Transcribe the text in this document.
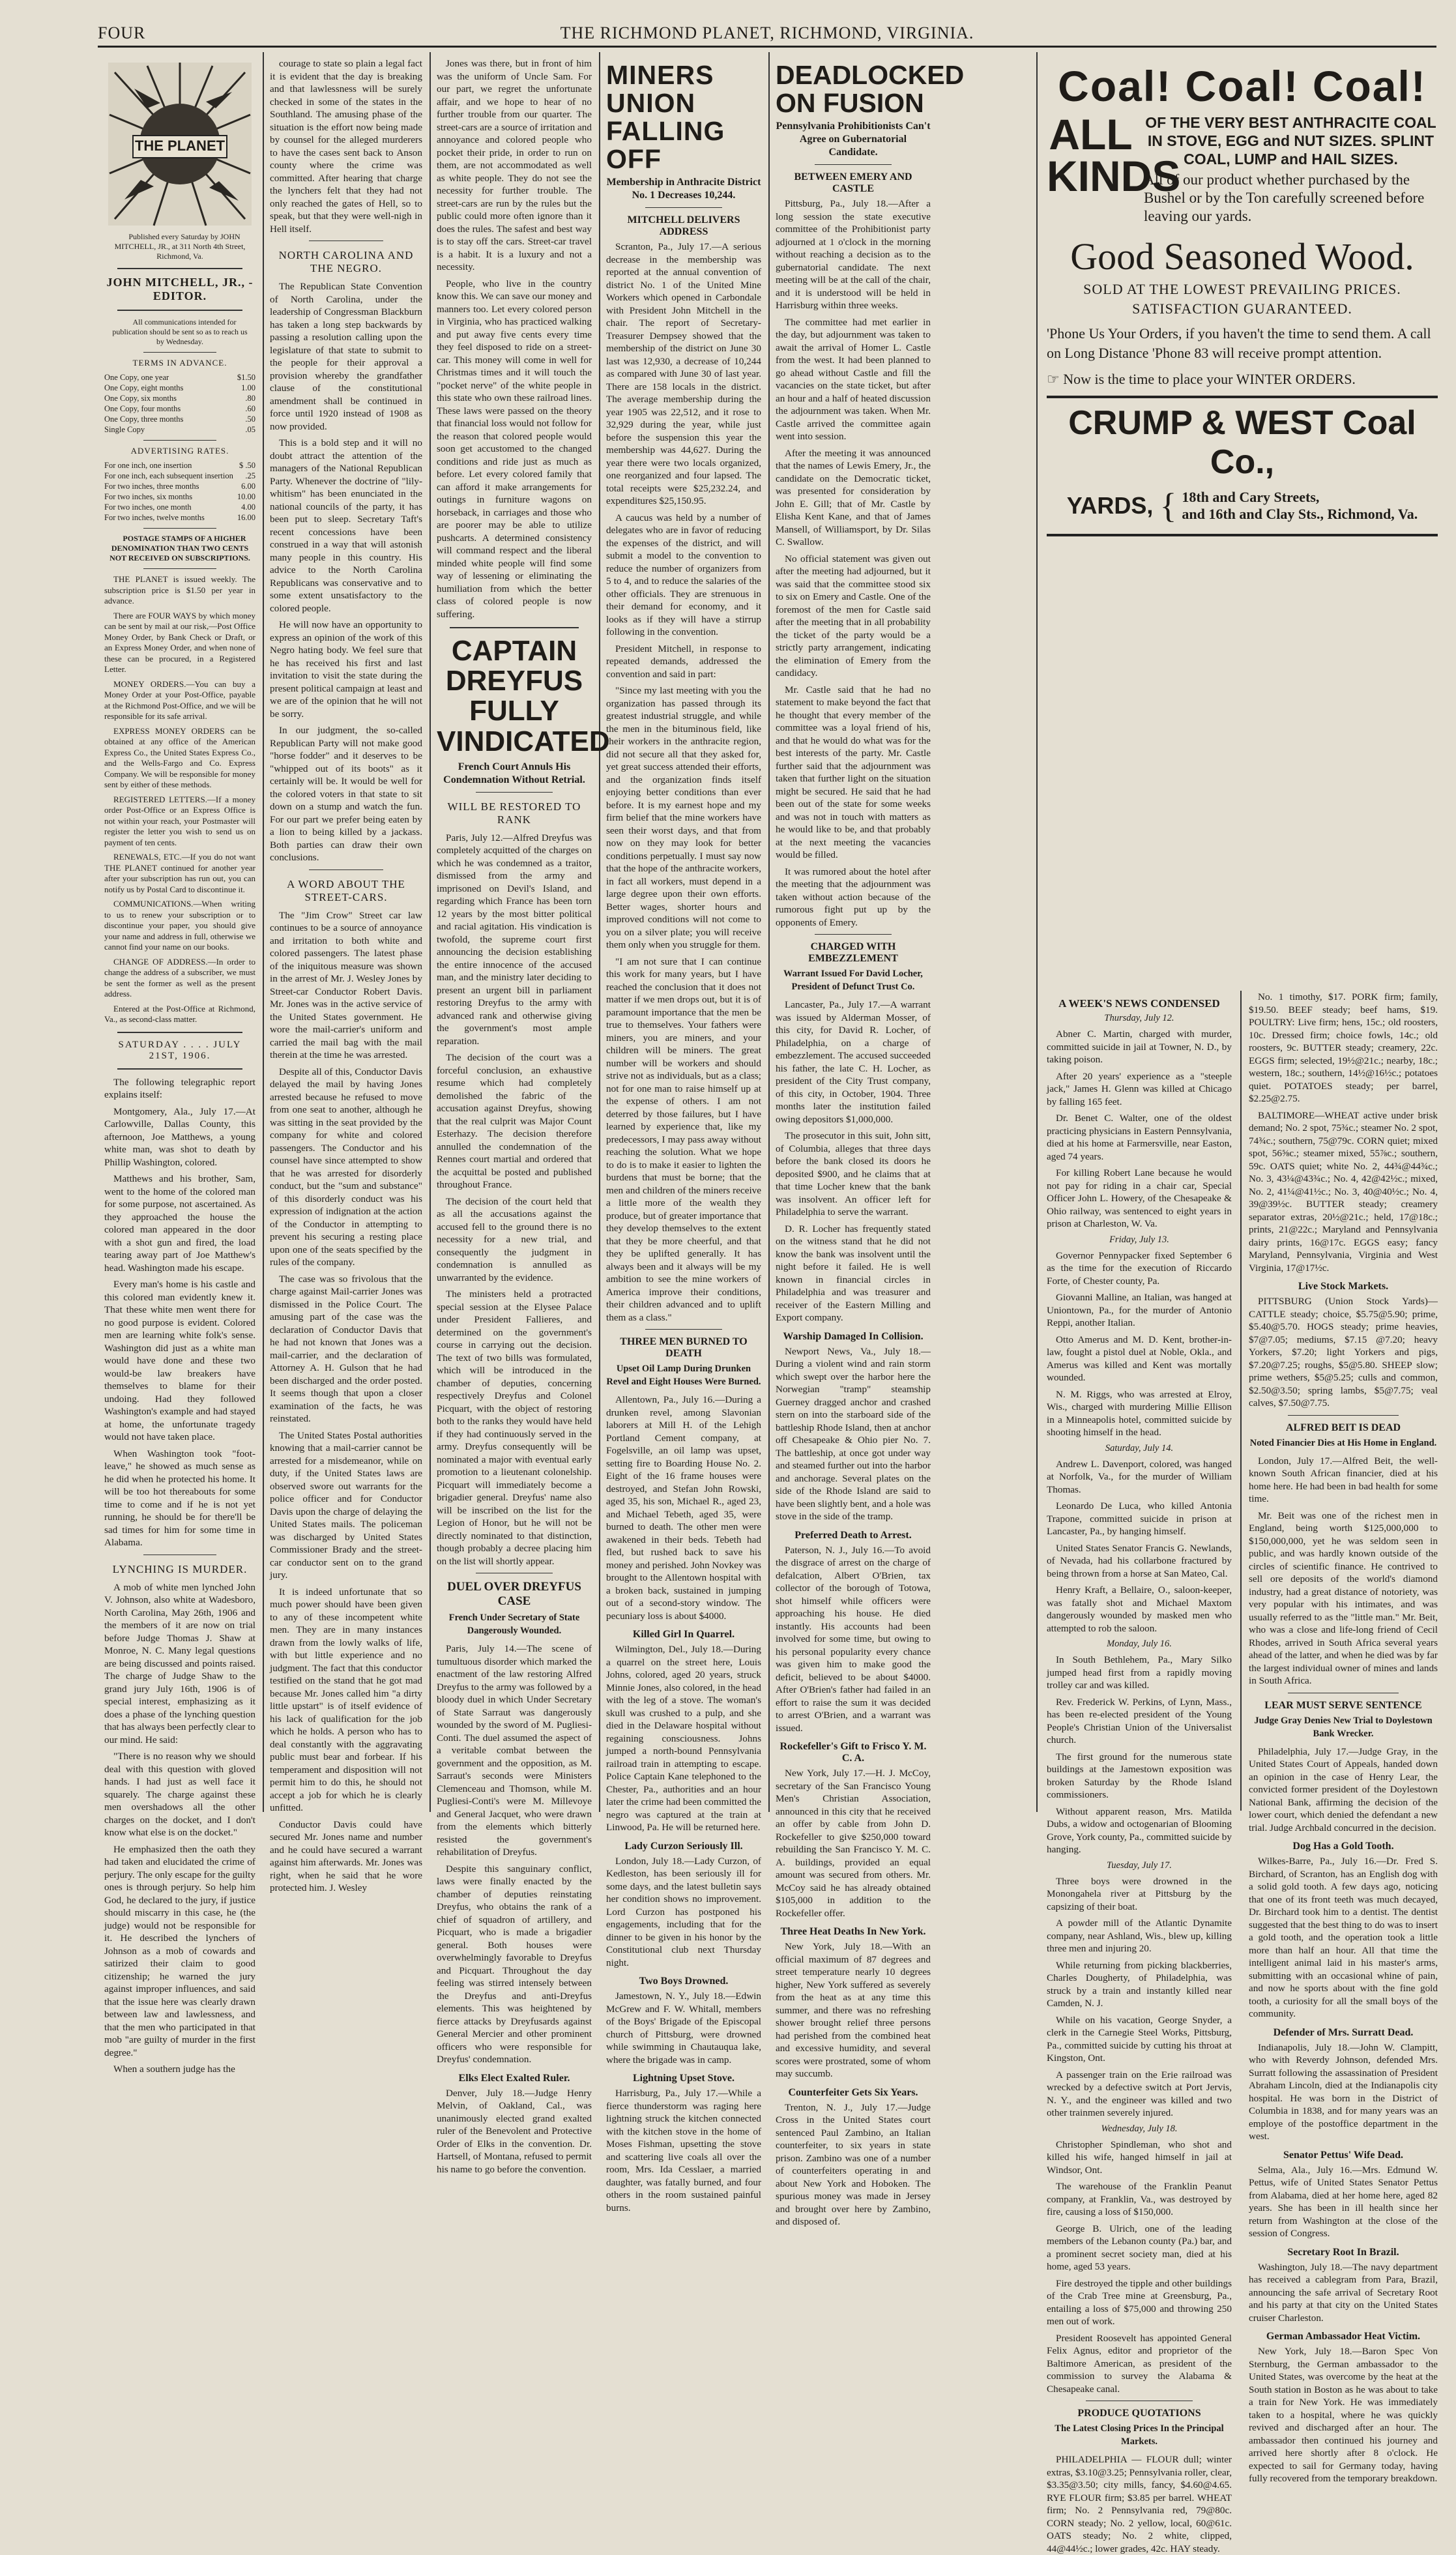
FOUR	THE RICHMOND PLANET, RICHMOND, VIRGINIA.
THE PLANET

Published every Saturday by JOHN MITCHELL, JR., at 311 North 4th Street, Richmond, Va.

JOHN MITCHELL, JR., - EDITOR.

All communications intended for publication should be sent so as to reach us by Wednesday.

TERMS IN ADVANCE.
One Copy, one year	$1.50
One Copy, eight months	1.00
One Copy, six months	.80
One Copy, four months	.60
One Copy, three months	.50
Single Copy	.05
ADVERTISING RATES.
For one inch, one insertion	$ .50
For one inch, each subsequent insertion .25
For two inches, three months	6.00
For two inches, six months	10.00
For two inches, one month	4.00
For two inches, twelve months	16.00

POSTAGE STAMPS OF A HIGHER DENOMINATION THAN TWO CENTS NOT RECEIVED ON SUBSCRIPTIONS.

THE PLANET is issued weekly. The subscription price is $1.50 per year in advance.

There are FOUR WAYS by which money can be sent by mail at our risk,—Post Office Money Order, by Bank Check or Draft, or an Express Money Order, and when none of these can be procured, in a Registered Letter.

MONEY ORDERS.—You can buy a Money Order at your Post-Office, payable at the Richmond Post-Office, and we will be responsible for its safe arrival.

EXPRESS MONEY ORDERS can be obtained at any office of the American Express Co., the United States Express Co., and the Wells-Fargo and Co. Express Company. We will be responsible for money sent by either of these methods.

REGISTERED LETTERS.—If a money order Post-Office or an Express Office is not within your reach, your Postmaster will register the letter you wish to send us on payment of ten cents.

RENEWALS, ETC.—If you do not want THE PLANET continued for another year after your subscription has run out, you can notify us by Postal Card to discontinue it.

COMMUNICATIONS.—When writing to us to renew your subscription or to discontinue your paper, you should give your name and address in full, otherwise we cannot find your name on our books.

CHANGE OF ADDRESS.—In order to change the address of a subscriber, we must be sent the former as well as the present address.

Entered at the Post-Office at Richmond, Va., as second-class matter.

SATURDAY . . . . JULY 21ST, 1906.

The following telegraphic report explains itself:

Montgomery, Ala., July 17.—At Carlowville, Dallas County, this afternoon, Joe Matthews, a young white man, was shot to death by Phillip Washington, colored.

Matthews and his brother, Sam, went to the home of the colored man for some purpose, not ascertained. As they approached the house the colored man appeared in the door with a shot gun and fired, the load tearing away part of Joe Matthew's head. Washington made his escape.

Every man's home is his castle and this colored man evidently knew it. That these white men went there for no good purpose is evident. Colored men are learning white folk's sense. Washington did just as a white man would have done and these two would-be law breakers have themselves to blame for their undoing. Had they followed Washington's example and had stayed at home, the unfortunate tragedy would not have taken place.

When Washington took "foot-leave," he showed as much sense as he did when he protected his home. It will be too hot thereabouts for some time to come and if he is not yet running, he should be for there'll be sad times for him for some time in Alabama.

LYNCHING IS MURDER.

A mob of white men lynched John V. Johnson, also white at Wadesboro, North Carolina, May 26th, 1906 and the members of it are now on trial before Judge Thomas J. Shaw at Monroe, N. C. Many legal questions are being discussed and points raised. The charge of Judge Shaw to the grand jury July 16th, 1906 is of special interest, emphasizing as it does a phase of the lynching question that has always been perfectly clear to our mind. He said:

"There is no reason why we should deal with this question with gloved hands. I had just as well face it squarely. The charge against these men overshadows all the other charges on the docket, and I don't know what else is on the docket."

He emphasized then the oath they had taken and elucidated the crime of perjury. The only escape for the guilty ones is through perjury. So help him God, he declared to the jury, if justice should miscarry in this case, he (the judge) would not be responsible for it. He described the lynchers of Johnson as a mob of cowards and satirized their claim to good citizenship; he warned the jury against improper influences, and said that the issue here was clearly drawn between law and lawlessness, and that the men who participated in that mob "are guilty of murder in the first degree."

When a southern judge has the

courage to state so plain a legal fact it is evident that the day is breaking and that lawlessness will be surely checked in some of the states in the Southland. The amusing phase of the situation is the effort now being made by counsel for the alleged murderers to have the cases sent back to Anson county where the crime was committed. After hearing that charge the lynchers felt that they had not only reached the gates of Hell, so to speak, but that they were well-nigh in Hell itself.

NORTH CAROLINA AND THE NEGRO.

The Republican State Convention of North Carolina, under the leadership of Congressman Blackburn has taken a long step backwards by passing a resolution calling upon the legislature of that state to submit to the people for their approval a provision whereby the grandfather clause of the constitutional amendment shall be continued in force until 1920 instead of 1908 as now provided.

This is a bold step and it will no doubt attract the attention of the managers of the National Republican Party. Whenever the doctrine of "lily-whitism" has been enunciated in the national councils of the party, it has been put to sleep. Secretary Taft's recent concessions have been construed in a way that will astonish many people in this country. His advice to the North Carolina Republicans was conservative and to some extent unsatisfactory to the colored people.

He will now have an opportunity to express an opinion of the work of this Negro hating body. We feel sure that he has received his first and last invitation to visit the state during the present political campaign at least and we are of the opinion that he will not be sorry.

In our judgment, the so-called Republican Party will not make good "horse fodder" and it deserves to be "whipped out of its boots" as it certainly will be. It would be well for the colored voters in that state to sit down on a stump and watch the fun. For our part we prefer being eaten by a lion to being killed by a jackass. Both parties can draw their own conclusions.

A WORD ABOUT THE STREET-CARS.

The "Jim Crow" Street car law continues to be a source of annoyance and irritation to both white and colored passengers. The latest phase of the iniquitous measure was shown in the arrest of Mr. J. Wesley Jones by Street-car Conductor Robert Davis. Mr. Jones was in the active service of the United States government. He wore the mail-carrier's uniform and carried the mail bag with the mail therein at the time he was arrested.

Despite all of this, Conductor Davis delayed the mail by having Jones arrested because he refused to move from one seat to another, although he was sitting in the seat provided by the company for white and colored passengers. The Conductor and his counsel have since attempted to show that he was arrested for disorderly conduct, but the "sum and substance" of this disorderly conduct was his expression of indignation at the action of the Conductor in attempting to prevent his securing a resting place upon one of the seats specified by the rules of the company.

The case was so frivolous that the charge against Mail-carrier Jones was dismissed in the Police Court. The amusing part of the case was the declaration of Conductor Davis that he had not known that Jones was a mail-carrier, and the declaration of Attorney A. H. Gulson that he had been discharged and the order posted. It seems though that upon a closer examination of the facts, he was reinstated.

The United States Postal authorities knowing that a mail-carrier cannot be arrested for a misdemeanor, while on duty, if the United States laws are observed swore out warrants for the police officer and for Conductor Davis upon the charge of delaying the United States mails. The policeman was discharged by United States Commissioner Brady and the street-car conductor sent on to the grand jury.

It is indeed unfortunate that so much power should have been given to any of these incompetent white men. They are in many instances drawn from the lowly walks of life, with but little experience and no judgment. The fact that this conductor testified on the stand that he got mad because Mr. Jones called him "a dirty little upstart" is of itself evidence of his lack of qualification for the job which he holds. A person who has to deal constantly with the aggravating public must bear and forbear. If his temperament and disposition will not permit him to do this, he should not accept a job for which he is clearly unfitted.

Conductor Davis could have secured Mr. Jones name and number and he could have secured a warrant against him afterwards. Mr. Jones was right, when he said that he wore protected him. J. Wesley

Jones was there, but in front of him was the uniform of Uncle Sam. For our part, we regret the unfortunate affair, and we hope to hear of no further trouble from our quarter. The street-cars are a source of irritation and annoyance and colored people who pocket their pride, in order to run on them, are not accommodated as well as white people. They do not see the necessity for further trouble. The street-cars are run by the rules but the public could more often ignore than it does the rules. The safest and best way is to stay off the cars. Street-car travel is a habit. It is a luxury and not a necessity.

People, who live in the country know this. We can save our money and manners too. Let every colored person in Virginia, who has practiced walking and put away five cents every time they feel disposed to ride on a street-car. This money will come in well for Christmas times and it will touch the "pocket nerve" of the white people in this state who own these railroad lines. These laws were passed on the theory that financial loss would not follow for the reason that colored people would soon get accustomed to the changed conditions and ride just as much as before. Let every colored family that can afford it make arrangements for outings in furniture wagons on horseback, in carriages and those who are poorer may be able to utilize pushcarts. A determined consistency will command respect and the liberal minded white people will find some way of lessening or eliminating the humiliation from which the better class of colored people is now suffering.

CAPTAIN DREYFUS FULLY VINDICATED
French Court Annuls His Condemnation Without Retrial.
WILL BE RESTORED TO RANK

Paris, July 12.—Alfred Dreyfus was completely acquitted of the charges on which he was condemned as a traitor, dismissed from the army and imprisoned on Devil's Island, and regarding which France has been torn 12 years by the most bitter political and racial agitation. His vindication is twofold, the supreme court first announcing the decision establishing the entire innocence of the accused man, and the ministry later deciding to present an urgent bill in parliament restoring Dreyfus to the army with advanced rank and otherwise giving the government's most ample reparation.

The decision of the court was a forceful conclusion, an exhaustive resume which had completely demolished the fabric of the accusation against Dreyfus, showing that the real culprit was Major Count Esterhazy. The decision therefore annulled the condemnation of the Rennes court martial and ordered that the acquittal be posted and published throughout France.

The decision of the court held that as all the accusations against the accused fell to the ground there is no necessity for a new trial, and consequently the judgment in condemnation is annulled as unwarranted by the evidence.

The ministers held a protracted special session at the Elysee Palace under President Fallieres, and determined on the government's course in carrying out the decision. The text of two bills was formulated, which will be introduced in the chamber of deputies, concerning respectively Dreyfus and Colonel Picquart, with the object of restoring both to the ranks they would have held if they had continuously served in the army. Dreyfus consequently will be nominated a major with eventual early promotion to a lieutenant colonelship. Picquart will immediately become a brigadier general. Dreyfus' name also will be inscribed on the list for the Legion of Honor, but he will not be directly nominated to that distinction, though probably a decree placing him on the list will shortly appear.

DUEL OVER DREYFUS CASE
French Under Secretary of State Dangerously Wounded.

Paris, July 14.—The scene of tumultuous disorder which marked the enactment of the law restoring Alfred Dreyfus to the army was followed by a bloody duel in which Under Secretary of State Sarraut was dangerously wounded by the sword of M. Pugliesi-Conti. The duel assumed the aspect of a veritable combat between the government and the opposition, as M. Sarraut's seconds were Ministers Clemenceau and Thomson, while M. Pugliesi-Conti's were M. Millevoye and General Jacquet, who were drawn from the elements which bitterly resisted the government's rehabilitation of Dreyfus.

Despite this sanguinary conflict, laws were finally enacted by the chamber of deputies reinstating Dreyfus, who obtains the rank of a chief of squadron of artillery, and Picquart, who is made a brigadier general. Both houses were overwhelmingly favorable to Dreyfus and Picquart. Throughout the day feeling was stirred intensely between the Dreyfus and anti-Dreyfus elements. This was heightened by fierce attacks by Dreyfusards against General Mercier and other prominent officers who were responsible for Dreyfus' condemnation.

Elks Elect Exalted Ruler.

Denver, July 18.—Judge Henry Melvin, of Oakland, Cal., was unanimously elected grand exalted ruler of the Benevolent and Protective Order of Elks in the convention. Dr. Hartsell, of Montana, refused to permit his name to go before the convention.

MINERS UNION FALLING OFF
Membership in Anthracite District No. 1 Decreases 10,244.
MITCHELL DELIVERS ADDRESS

Scranton, Pa., July 17.—A serious decrease in the membership was reported at the annual convention of district No. 1 of the United Mine Workers which opened in Carbondale with President John Mitchell in the chair. The report of Secretary-Treasurer Dempsey showed that the membership of the district on June 30 last was 12,930, a decrease of 10,244 as compared with June 30 of last year. There are 158 locals in the district. The average membership during the year 1905 was 22,512, and it rose to 32,929 during the year, while just before the suspension this year the membership was 44,627. During the year there were two locals organized, one reorganized and four lapsed. The total receipts were $25,232.24, and expenditures $25,150.95.

A caucus was held by a number of delegates who are in favor of reducing the expenses of the district, and will submit a model to the convention to reduce the number of organizers from 5 to 4, and to reduce the salaries of the other officials. They are strenuous in their demand for economy, and it looks as if they will have a stirrup following in the convention.

President Mitchell, in response to repeated demands, addressed the convention and said in part:

"Since my last meeting with you the organization has passed through its greatest industrial struggle, and while the men in the bituminous field, like their workers in the anthracite region, did not secure all that they asked for, yet great success attended their efforts, and the organization finds itself enjoying better conditions than ever before. It is my earnest hope and my firm belief that the mine workers have seen their worst days, and that from now on they may look for better conditions perpetually. I must say now that the hope of the anthracite workers, in fact all workers, must depend in a large degree upon their own efforts. Better wages, shorter hours and improved conditions will not come to you on a silver plate; you will receive them only when you struggle for them.

"I am not sure that I can continue this work for many years, but I have reached the conclusion that it does not matter if we men drops out, but it is of paramount importance that the men be true to themselves. Your fathers were miners, you are miners, and your children will be miners. The great number will be workers and should strive not as individuals, but as a class; not for one man to raise himself up at the expense of others. I am not deterred by those failures, but I have learned by experience that, like my predecessors, I may pass away without reaching the solution. What we hope to do is to make it easier to lighten the burdens that must be borne; that the men and children of the miners receive a little more of the wealth they produce, but of greater importance that they develop themselves to the extent that they be more cheerful, and that they be uplifted generally. It has always been and it always will be my ambition to see the mine workers of America improve their conditions, their children advanced and to uplift them as a class."

THREE MEN BURNED TO DEATH
Upset Oil Lamp During Drunken Revel and Eight Houses Were Burned.

Allentown, Pa., July 16.—During a drunken revel, among Slavonian laborers at Mill H. of the Lehigh Portland Cement company, at Fogelsville, an oil lamp was upset, setting fire to Boarding House No. 2. Eight of the 16 frame houses were destroyed, and Stefan John Rowski, aged 35, his son, Michael R., aged 23, and Michael Tebeth, aged 35, were burned to death. The other men were awakened in their beds. Tebeth had fled, but rushed back to save his money and perished. John Novkey was brought to the Allentown hospital with a broken back, sustained in jumping out of a second-story window. The pecuniary loss is about $4000.

Killed Girl In Quarrel.

Wilmington, Del., July 18.—During a quarrel on the street here, Louis Johns, colored, aged 20 years, struck Minnie Jones, also colored, in the head with the leg of a stove. The woman's skull was crushed to a pulp, and she died in the Delaware hospital without regaining consciousness. Johns jumped a north-bound Pennsylvania railroad train in attempting to escape. Police Captain Kane telephoned to the Chester, Pa., authorities and an hour later the crime had been committed the negro was captured at the train at Linwood, Pa. He will be returned here.

Lady Curzon Seriously Ill.

London, July 18.—Lady Curzon, of Kedleston, has been seriously ill for some days, and the latest bulletin says her condition shows no improvement. Lord Curzon has postponed his engagements, including that for the dinner to be given in his honor by the Constitutional club next Thursday night.

Two Boys Drowned.

Jamestown, N. Y., July 18.—Edwin McGrew and F. W. Whitall, members of the Boys' Brigade of the Episcopal church of Pittsburg, were drowned while swimming in Chautauqua lake, where the brigade was in camp.

Lightning Upset Stove.

Harrisburg, Pa., July 17.—While a fierce thunderstorm was raging here lightning struck the kitchen connected with the kitchen stove in the home of Moses Fishman, upsetting the stove and scattering live coals all over the room, Mrs. Ida Cesslaer, a married daughter, was fatally burned, and four others in the room sustained painful burns.

DEADLOCKED ON FUSION
Pennsylvania Prohibitionists Can't Agree on Gubernatorial Candidate.
BETWEEN EMERY AND CASTLE

Pittsburg, Pa., July 18.—After a long session the state executive committee of the Prohibitionist party adjourned at 1 o'clock in the morning without reaching a decision as to the gubernatorial candidate. The next meeting will be at the call of the chair, and it is understood will be held in Harrisburg within three weeks.

The committee had met earlier in the day, but adjournment was taken to await the arrival of Homer L. Castle from the west. It had been planned to go ahead without Castle and fill the vacancies on the state ticket, but after an hour and a half of heated discussion the adjournment was taken. When Mr. Castle arrived the committee again went into session.

After the meeting it was announced that the names of Lewis Emery, Jr., the candidate on the Democratic ticket, was presented for consideration by John E. Gill; that of Mr. Castle by Elisha Kent Kane, and that of James Mansell, of Williamsport, by Dr. Silas C. Swallow.

No official statement was given out after the meeting had adjourned, but it was said that the committee stood six to six on Emery and Castle. One of the foremost of the men for Castle said after the meeting that in all probability the ticket of the party would be a strictly party arrangement, indicating the elimination of Emery from the candidacy.

Mr. Castle said that he had no statement to make beyond the fact that he thought that every member of the committee was a loyal friend of his, and that he would do what was for the best interests of the party. Mr. Castle further said that the adjournment was taken that further light on the situation might be secured. He said that he had been out of the state for some weeks and was not in touch with matters as he would like to be, and that probably at the next meeting the vacancies would be filled.

It was rumored about the hotel after the meeting that the adjournment was taken without action because of the rumorous fight put up by the opponents of Emery.

CHARGED WITH EMBEZZLEMENT
Warrant Issued For David Locher, President of Defunct Trust Co.

Lancaster, Pa., July 17.—A warrant was issued by Alderman Mosser, of this city, for David R. Locher, of Philadelphia, on a charge of embezzlement. The accused succeeded his father, the late C. H. Locher, as president of the City Trust company, of this city, in October, 1904. Three months later the institution failed owing depositors $1,000,000.

The prosecutor in this suit, John sitt, of Columbia, alleges that three days before the bank closed its doors he deposited $900, and he claims that at that time Locher knew that the bank was insolvent. An officer left for Philadelphia to serve the warrant.

D. R. Locher has frequently stated on the witness stand that he did not know the bank was insolvent until the night before it failed. He is well known in financial circles in Philadelphia and was treasurer and receiver of the Eastern Milling and Export company.

Warship Damaged In Collision.

Newport News, Va., July 18.—During a violent wind and rain storm which swept over the harbor here the Norwegian "tramp" steamship Guerney dragged anchor and crashed stern on into the starboard side of the battleship Rhode Island, then at anchor off Chesapeake & Ohio pier No. 7. The battleship, at once got under way and steamed further out into the harbor and anchorage. Several plates on the side of the Rhode Island are said to have been slightly bent, and a hole was stove in the side of the tramp.

Preferred Death to Arrest.

Paterson, N. J., July 16.—To avoid the disgrace of arrest on the charge of defalcation, Albert O'Brien, tax collector of the borough of Totowa, shot himself while officers were approaching his house. He died instantly. His accounts had been involved for some time, but owing to his personal popularity every chance was given him to make good the deficit, believed to be about $4000. After O'Brien's father had failed in an effort to raise the sum it was decided to arrest O'Brien, and a warrant was issued.

Rockefeller's Gift to Frisco Y. M. C. A.

New York, July 17.—H. J. McCoy, secretary of the San Francisco Young Men's Christian Association, announced in this city that he received an offer by cable from John D. Rockefeller to give $250,000 toward rebuilding the San Francisco Y. M. C. A. buildings, provided an equal amount was secured from others. Mr. McCoy said he has already obtained $105,000 in addition to the Rockefeller offer.

Three Heat Deaths In New York.

New York, July 18.—With an official maximum of 87 degrees and street temperature nearly 10 degrees higher, New York suffered as severely from the heat as at any time this summer, and there was no refreshing shower brought relief three persons had perished from the combined heat and excessive humidity, and several scores were prostrated, some of whom may succumb.

Counterfeiter Gets Six Years.

Trenton, N. J., July 17.—Judge Cross in the United States court sentenced Paul Zambino, an Italian counterfeiter, to six years in state prison. Zambino was one of a number of counterfeiters operating in and about New York and Hoboken. The spurious money was made in Jersey and brought over here by Zambino, and disposed of.

Coal! Coal! Coal!
ALL KINDS
OF THE VERY BEST ANTHRACITE COAL IN STOVE, EGG and NUT SIZES. SPLINT COAL, LUMP and HAIL SIZES.
All of our product whether purchased by the Bushel or by the Ton carefully screened before leaving our yards.
Good Seasoned Wood.
SOLD AT THE LOWEST PREVAILING PRICES.
SATISFACTION GUARANTEED.
'Phone Us Your Orders, if you haven't the time to send them. A call on Long Distance 'Phone 83 will receive prompt attention.
☞ Now is the time to place your WINTER ORDERS.
CRUMP & WEST Coal Co.,
YARDS, { 18th and Cary Streets,
and 16th and Clay Sts., Richmond, Va.
A WEEK'S NEWS CONDENSED
Thursday, July 12.

Abner C. Martin, charged with murder, committed suicide in jail at Towner, N. D., by taking poison.

After 20 years' experience as a "steeple jack," James H. Glenn was killed at Chicago by falling 165 feet.

Dr. Benet C. Walter, one of the oldest practicing physicians in Eastern Pennsylvania, died at his home at Farmersville, near Easton, aged 74 years.

For killing Robert Lane because he would not pay for riding in a chair car, Special Officer John L. Howery, of the Chesapeake & Ohio railway, was sentenced to eight years in prison at Charleston, W. Va.

Friday, July 13.

Governor Pennypacker fixed September 6 as the time for the execution of Riccardo Forte, of Chester county, Pa.

Giovanni Malline, an Italian, was hanged at Uniontown, Pa., for the murder of Antonio Reppi, another Italian.

Otto Amerus and M. D. Kent, brother-in-law, fought a pistol duel at Noble, Okla., and Amerus was killed and Kent was mortally wounded.

N. M. Riggs, who was arrested at Elroy, Wis., charged with murdering Millie Ellison in a Minneapolis hotel, committed suicide by shooting himself in the head.

Saturday, July 14.

Andrew L. Davenport, colored, was hanged at Norfolk, Va., for the murder of William Thomas.

Leonardo De Luca, who killed Antonia Trapone, committed suicide in prison at Lancaster, Pa., by hanging himself.

United States Senator Francis G. Newlands, of Nevada, had his collarbone fractured by being thrown from a horse at San Mateo, Cal.

Henry Kraft, a Bellaire, O., saloon-keeper, was fatally shot and Michael Maxtom dangerously wounded by masked men who attempted to rob the saloon.

Monday, July 16.

In South Bethlehem, Pa., Mary Silko jumped head first from a rapidly moving trolley car and was killed.

Rev. Frederick W. Perkins, of Lynn, Mass., has been re-elected president of the Young People's Christian Union of the Universalist church.

The first ground for the numerous state buildings at the Jamestown exposition was broken Saturday by the Rhode Island commissioners.

Without apparent reason, Mrs. Matilda Dubs, a widow and octogenarian of Blooming Grove, York county, Pa., committed suicide by hanging.

Tuesday, July 17.

Three boys were drowned in the Monongahela river at Pittsburg by the capsizing of their boat.

A powder mill of the Atlantic Dynamite company, near Ashland, Wis., blew up, killing three men and injuring 20.

While returning from picking blackberries, Charles Dougherty, of Philadelphia, was struck by a train and instantly killed near Camden, N. J.

While on his vacation, George Snyder, a clerk in the Carnegie Steel Works, Pittsburg, Pa., committed suicide by cutting his throat at Kingston, Ont.

A passenger train on the Erie railroad was wrecked by a defective switch at Port Jervis, N. Y., and the engineer was killed and two other trainmen severely injured.

Wednesday, July 18.

Christopher Spindleman, who shot and killed his wife, hanged himself in jail at Windsor, Ont.

The warehouse of the Franklin Peanut company, at Franklin, Va., was destroyed by fire, causing a loss of $150,000.

George B. Ulrich, one of the leading members of the Lebanon county (Pa.) bar, and a prominent secret society man, died at his home, aged 53 years.

Fire destroyed the tipple and other buildings of the Crab Tree mine at Greensburg, Pa., entailing a loss of $75,000 and throwing 250 men out of work.

President Roosevelt has appointed General Felix Agnus, editor and proprietor of the Baltimore American, as president of the commission to survey the Alabama & Chesapeake canal.

PRODUCE QUOTATIONS
The Latest Closing Prices In the Principal Markets.

PHILADELPHIA — FLOUR dull; winter extras, $3.10@3.25; Pennsylvania roller, clear, $3.35@3.50; city mills, fancy, $4.60@4.65. RYE FLOUR firm; $3.85 per barrel. WHEAT firm; No. 2 Pennsylvania red, 79@80c. CORN steady; No. 2 yellow, local, 60@61c. OATS steady; No. 2 white, clipped, 44@44½c.; lower grades, 42c. HAY steady.

No. 1 timothy, $17. PORK firm; family, $19.50. BEEF steady; beef hams, $19. POULTRY: Live firm; hens, 15c.; old roosters, 10c. Dressed firm; choice fowls, 14c.; old roosters, 9c. BUTTER steady; creamery, 22c. EGGS firm; selected, 19½@21c.; nearby, 18c.; western, 18c.; southern, 14½@16½c.; potatoes quiet. POTATOES steady; per barrel, $2.25@2.75.

BALTIMORE—WHEAT active under brisk demand; No. 2 spot, 75¾c.; steamer No. 2 spot, 74¾c.; southern, 75@79c. CORN quiet; mixed spot, 56⅝c.; steamer mixed, 55⅞c.; southern, 59c. OATS quiet; white No. 2, 44¾@44¾c.; No. 3, 43¼@43¾c.; No. 4, 42@42½c.; mixed, No. 2, 41¼@41½c.; No. 3, 40@40½c.; No. 4, 39@39½c. BUTTER steady; creamery separator extras, 20½@21c.; held, 17@18c.; prints, 21@22c.; Maryland and Pennsylvania dairy prints, 16@17c. EGGS easy; fancy Maryland, Pennsylvania, Virginia and West Virginia, 17@17½c.

Live Stock Markets.

PITTSBURG (Union Stock Yards)—CATTLE steady; choice, $5.75@5.90; prime, $5.40@5.70. HOGS steady; prime heavies, $7@7.05; mediums, $7.15 @7.20; heavy Yorkers, $7.20; light Yorkers and pigs, $7.20@7.25; roughs, $5@5.80. SHEEP slow; prime wethers, $5@5.25; culls and common, $2.50@3.50; spring lambs, $5@7.75; veal calves, $7.50@7.75.

ALFRED BEIT IS DEAD
Noted Financier Dies at His Home in England.

London, July 17.—Alfred Beit, the well-known South African financier, died at his home here. He had been in bad health for some time.

Mr. Beit was one of the richest men in England, being worth $125,000,000 to $150,000,000, yet he was seldom seen in public, and was hardly known outside of the circles of scientific finance. He contrived to sell ore deposits of the world's diamond industry, had a great distance of notoriety, was very popular with his intimates, and was usually referred to as the "little man." Mr. Beit, who was a close and life-long friend of Cecil Rhodes, arrived in South Africa several years ahead of the latter, and when he died was by far the largest individual owner of mines and lands in South Africa.

LEAR MUST SERVE SENTENCE
Judge Gray Denies New Trial to Doylestown Bank Wrecker.

Philadelphia, July 17.—Judge Gray, in the United States Court of Appeals, handed down an opinion in the case of Henry Lear, the convicted former president of the Doylestown National Bank, affirming the decision of the lower court, which denied the defendant a new trial. Judge Archbald concurred in the decision.

Dog Has a Gold Tooth.

Wilkes-Barre, Pa., July 16.—Dr. Fred S. Birchard, of Scranton, has an English dog with a solid gold tooth. A few days ago, noticing that one of its front teeth was much decayed, Dr. Birchard took him to a dentist. The dentist suggested that the best thing to do was to insert a gold tooth, and the operation took a little more than half an hour. All that time the intelligent animal laid in his master's arms, submitting with an occasional whine of pain, and now he sports about with the fine gold tooth, a curiosity for all the small boys of the community.

Defender of Mrs. Surratt Dead.

Indianapolis, July 18.—John W. Clampitt, who with Reverdy Johnson, defended Mrs. Surratt following the assassination of President Abraham Lincoln, died at the Indianapolis city hospital. He was born in the District of Columbia in 1838, and for many years was an employe of the postoffice department in the west.

Senator Pettus' Wife Dead.

Selma, Ala., July 16.—Mrs. Edmund W. Pettus, wife of United States Senator Pettus from Alabama, died at her home here, aged 82 years. She has been in ill health since her return from Washington at the close of the session of Congress.

Secretary Root In Brazil.

Washington, July 18.—The navy department has received a cablegram from Para, Brazil, announcing the safe arrival of Secretary Root and his party at that city on the United States cruiser Charleston.

German Ambassador Heat Victim.

New York, July 18.—Baron Spec Von Sternburg, the German ambassador to the United States, was overcome by the heat at the South station in Boston as he was about to take a train for New York. He was immediately taken to a hospital, where he was quickly revived and discharged after an hour. The ambassador then continued his journey and arrived here shortly after 8 o'clock. He expected to sail for Germany today, having fully recovered from the temporary breakdown.
